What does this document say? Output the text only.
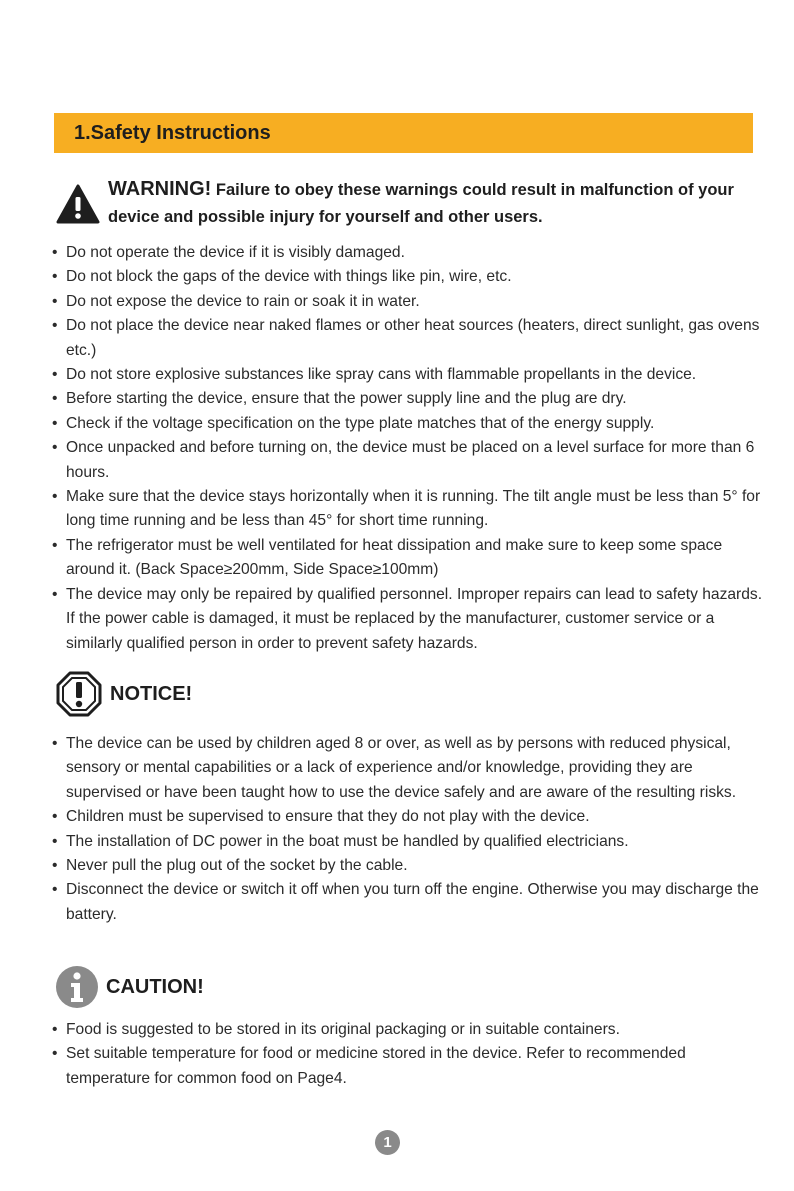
1.Safety Instructions
WARNING! Failure to obey these warnings could result in malfunction of your device and possible injury for yourself and other users.
• Do not operate the device if it is visibly damaged.
• Do not block the gaps of the device with things like pin, wire, etc.
• Do not expose the device to rain or soak it in water.
• Do not place the device near naked flames or other heat sources (heaters, direct sunlight, gas ovens etc.)
• Do not store explosive substances like spray cans with flammable propellants in the device.
• Before starting the device, ensure that the power supply line and the plug are dry.
• Check if the voltage specification on the type plate matches that of the energy supply.
• Once unpacked and before turning on, the device must be placed on a level surface for more than 6 hours.
• Make sure that the device stays horizontally when it is running. The tilt angle must be less than 5° for long time running and be less than 45° for short time running.
• The refrigerator must be well ventilated for heat dissipation and make sure to keep some space around it. (Back Space≥200mm, Side Space≥100mm)
• The device may only be repaired by qualified personnel. Improper repairs can lead to safety hazards. If the power cable is damaged, it must be replaced by the manufacturer, customer service or a similarly qualified person in order to prevent safety hazards.
NOTICE!
• The device can be used by children aged 8 or over, as well as by persons with reduced physical, sensory or mental capabilities or a lack of experience and/or knowledge, providing they are supervised or have been taught how to use the device safely and are aware of the resulting risks.
• Children must be supervised to ensure that they do not play with the device.
• The installation of DC power in the boat must be handled by qualified electricians.
• Never pull the plug out of the socket by the cable.
• Disconnect the device or switch it off when you turn off the engine. Otherwise you may discharge the battery.
CAUTION!
• Food is suggested to be stored in its original packaging or in suitable containers.
• Set suitable temperature for food or medicine stored in the device. Refer to recommended temperature for common food on Page4.
1
